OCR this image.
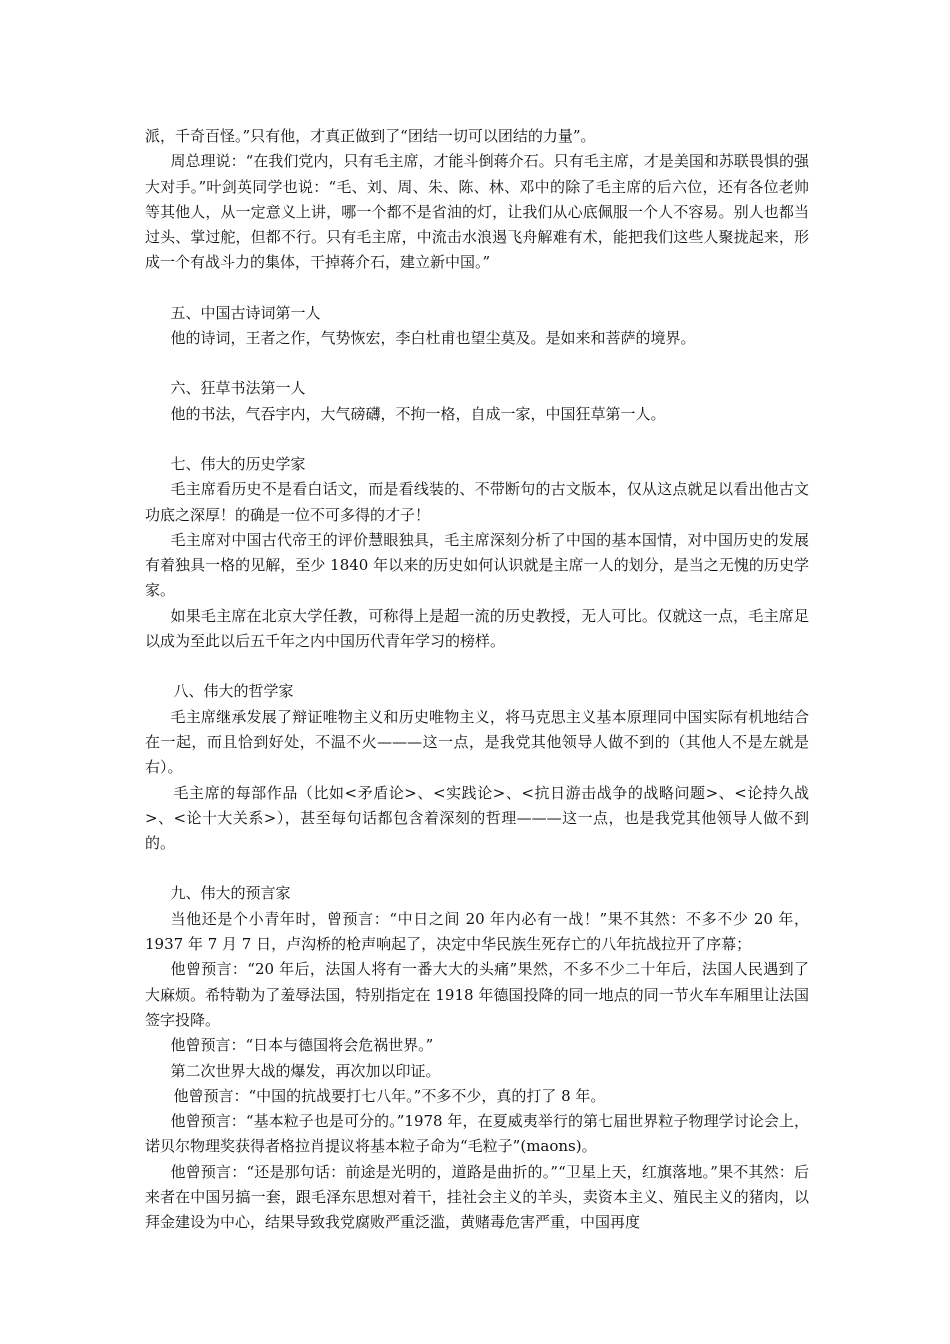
派，千奇百怪。”只有他，才真正做到了“团结一切可以团结的力量”。

周总理说：“在我们党内，只有毛主席，才能斗倒蒋介石。只有毛主席，才是美国和苏联畏惧的强大对手。”叶剑英同学也说：“毛、刘、周、朱、陈、林、邓中的除了毛主席的后六位，还有各位老帅等其他人，从一定意义上讲，哪一个都不是省油的灯，让我们从心底佩服一个人不容易。别人也都当过头、掌过舵，但都不行。只有毛主席，中流击水浪遏飞舟解难有术，能把我们这些人聚拢起来，形成一个有战斗力的集体，干掉蒋介石，建立新中国。”

五、中国古诗词第一人

他的诗词，王者之作，气势恢宏，李白杜甫也望尘莫及。是如来和菩萨的境界。

六、狂草书法第一人

他的书法，气吞宇内，大气磅礴，不拘一格，自成一家，中国狂草第一人。

七、伟大的历史学家

毛主席看历史不是看白话文，而是看线装的、不带断句的古文版本，仅从这点就足以看出他古文功底之深厚！的确是一位不可多得的才子！

毛主席对中国古代帝王的评价慧眼独具，毛主席深刻分析了中国的基本国情，对中国历史的发展有着独具一格的见解，至少 1840 年以来的历史如何认识就是主席一人的划分，是当之无愧的历史学家。

如果毛主席在北京大学任教，可称得上是超一流的历史教授，无人可比。仅就这一点，毛主席足以成为至此以后五千年之内中国历代青年学习的榜样。

八、伟大的哲学家

毛主席继承发展了辩证唯物主义和历史唯物主义，将马克思主义基本原理同中国实际有机地结合在一起，而且恰到好处，不温不火———这一点，是我党其他领导人做不到的（其他人不是左就是右）。

毛主席的每部作品（比如<矛盾论>、<实践论>、<抗日游击战争的战略问题>、<论持久战>、<论十大关系>），甚至每句话都包含着深刻的哲理———这一点，也是我党其他领导人做不到的。

九、伟大的预言家

当他还是个小青年时，曾预言：“中日之间 20 年内必有一战！”果不其然：不多不少 20 年，1937 年 7 月 7 日，卢沟桥的枪声响起了，决定中华民族生死存亡的八年抗战拉开了序幕；

他曾预言：“20 年后，法国人将有一番大大的头痛”果然，不多不少二十年后，法国人民遇到了大麻烦。希特勒为了羞辱法国，特别指定在 1918 年德国投降的同一地点的同一节火车车厢里让法国签字投降。

他曾预言：“日本与德国将会危祸世界。”

第二次世界大战的爆发，再次加以印证。

他曾预言：“中国的抗战要打七八年。”不多不少，真的打了 8 年。

他曾预言：“基本粒子也是可分的。”1978 年，在夏威夷举行的第七届世界粒子物理学讨论会上，诺贝尔物理奖获得者格拉肖提议将基本粒子命为“毛粒子”(maons)。

他曾预言：“还是那句话：前途是光明的，道路是曲折的。”“卫星上天，红旗落地。”果不其然：后来者在中国另搞一套，跟毛泽东思想对着干，挂社会主义的羊头，卖资本主义、殖民主义的猪肉，以拜金建设为中心，结果导致我党腐败严重泛滥，黄赌毒危害严重，中国再度
